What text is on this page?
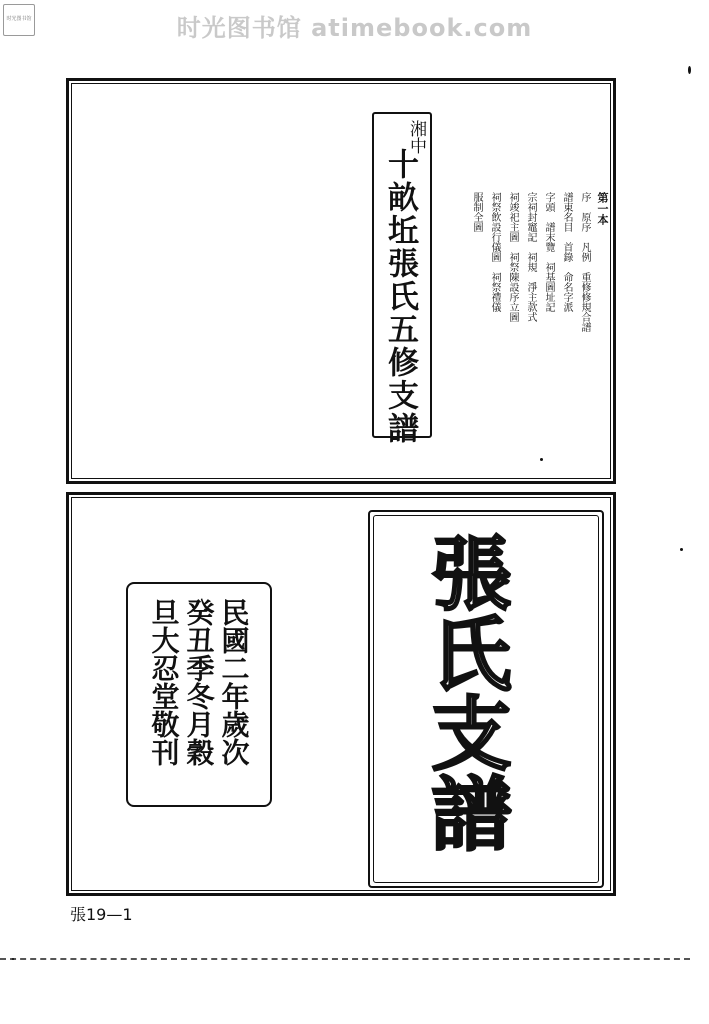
时光图书馆 atimebook.com
时光图书馆
湘中
十畝坵張氏五修支譜	第一本
序　原序　凡例　重修修規合譜
譜東名目　首錄　命名字派
字頭　譜末覽　祠基圖址記
宗祠封竈記　祠規　淨主款式
祠竣祀主圖　祠祭陳設序立圖
祠祭飲設行儀圖　祠祭禮儀
服制全圖
民國二年歲次
癸丑季冬月穀
旦大忍堂敬刊	張氏支譜
張19—1
